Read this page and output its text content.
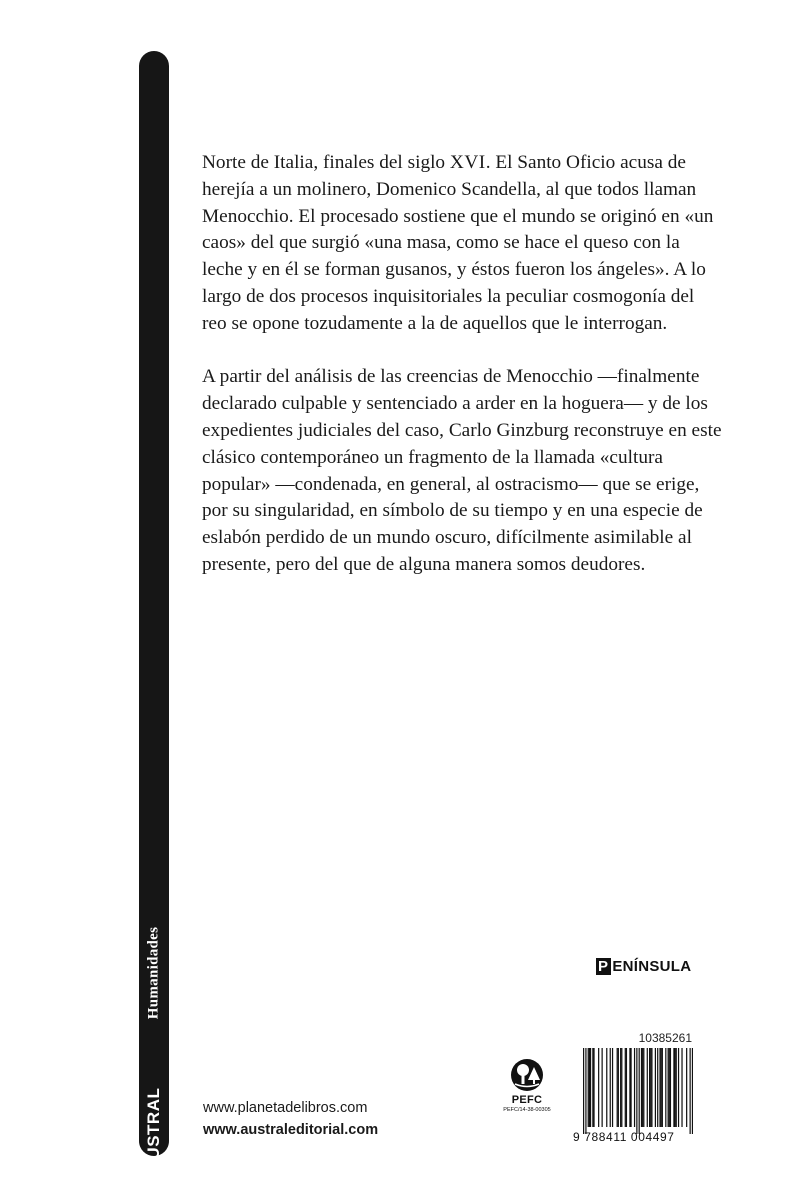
AUSTRAL
Humanidades

Norte de Italia, finales del siglo XVI. El Santo Oficio acusa de herejía a un molinero, Domenico Scandella, al que todos llaman Menocchio. El procesado sostiene que el mundo se originó en «un caos» del que surgió «una masa, como se hace el queso con la leche y en él se forman gusanos, y éstos fueron los ángeles». A lo largo de dos procesos inquisitoriales la peculiar cosmogonía del reo se opone tozudamente a la de aquellos que le interrogan.

A partir del análisis de las creencias de Menocchio —finalmente declarado culpable y sentenciado a arder en la hoguera— y de los expedientes judiciales del caso, Carlo Ginzburg reconstruye en este clásico contemporáneo un fragmento de la llamada «cultura popular» —condenada, en general, al ostracismo— que se erige, por su singularidad, en símbolo de su tiempo y en una especie de eslabón perdido de un mundo oscuro, difícilmente asimilable al presente, pero del que de alguna manera somos deudores.

P ENÍNSULA
www.planetadelibros.com
www.australeditorial.com
PEFC
PEFC/14-38-00305
10385261
9 788411 004497
